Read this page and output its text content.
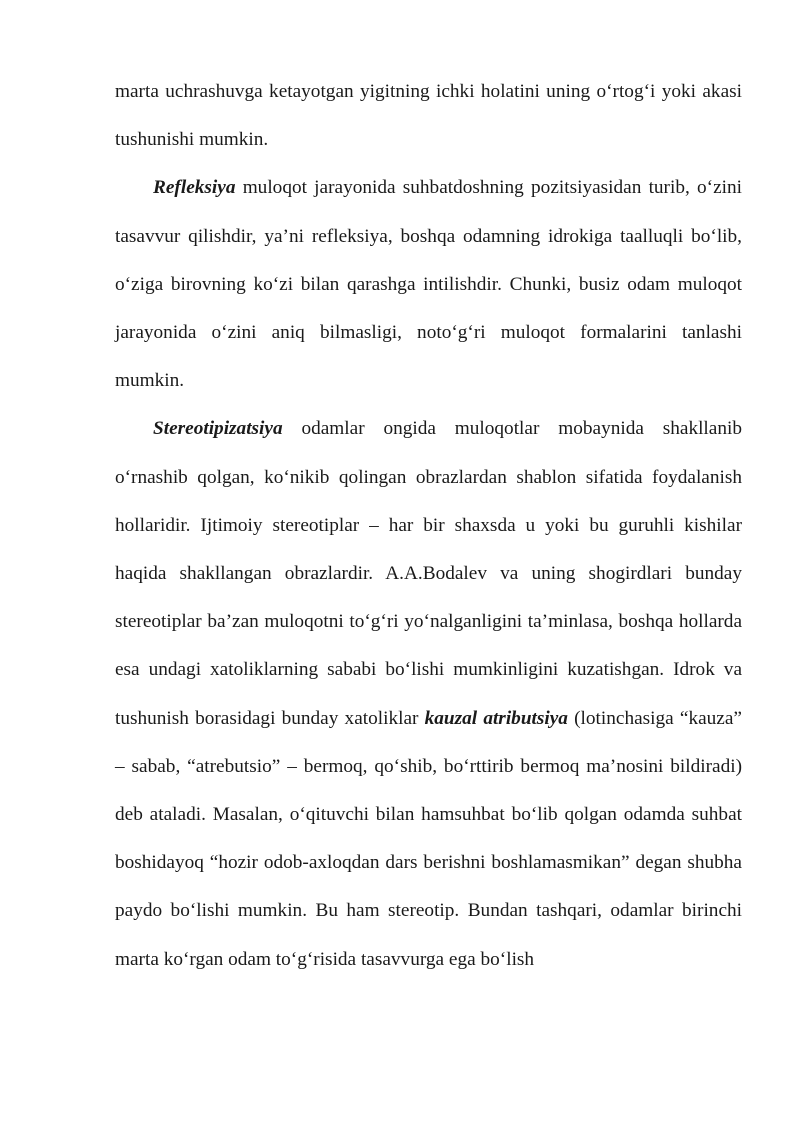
marta uchrashuvga ketayotgan yigitning ichki holatini uning o‘rtog‘i yoki akasi tushunishi mumkin.

Refleksiya muloqot jarayonida suhbatdoshning pozitsiyasidan turib, o‘zini tasavvur qilishdir, ya’ni refleksiya, boshqa odamning idrokiga taalluqli bo‘lib, o‘ziga birovning ko‘zi bilan qarashga intilishdir. Chunki, busiz odam muloqot jarayonida o‘zini aniq bilmasligi, noto‘g‘ri muloqot formalarini tanlashi mumkin.

Stereotipizatsiya odamlar ongida muloqotlar mobaynida shakllanib o‘rnashib qolgan, ko‘nikib qolingan obrazlardan shablon sifatida foydalanish hollaridir. Ijtimoiy stereotiplar – har bir shaxsda u yoki bu guruhli kishilar haqida shakllangan obrazlardir. A.A.Bodalev va uning shogirdlari bunday stereotiplar ba’zan muloqotni to‘g‘ri yo‘nalganligini ta’minlasa, boshqa hollarda esa undagi xatoliklarning sababi bo‘lishi mumkinligini kuzatishgan. Idrok va tushunish borasidagi bunday xatoliklar kauzal atributsiya (lotinchasiga “kauza” – sabab, “atrebutsio” – bermoq, qo‘shib, bo‘rttirib bermoq ma’nosini bildiradi) deb ataladi. Masalan, o‘qituvchi bilan hamsuhbat bo‘lib qolgan odamda suhbat boshidayoq “hozir odob-axloqdan dars berishni boshlamasmikan” degan shubha paydo bo‘lishi mumkin. Bu ham stereotip. Bundan tashqari, odamlar birinchi marta ko‘rgan odam to‘g‘risida tasavvurga ega bo‘lish
